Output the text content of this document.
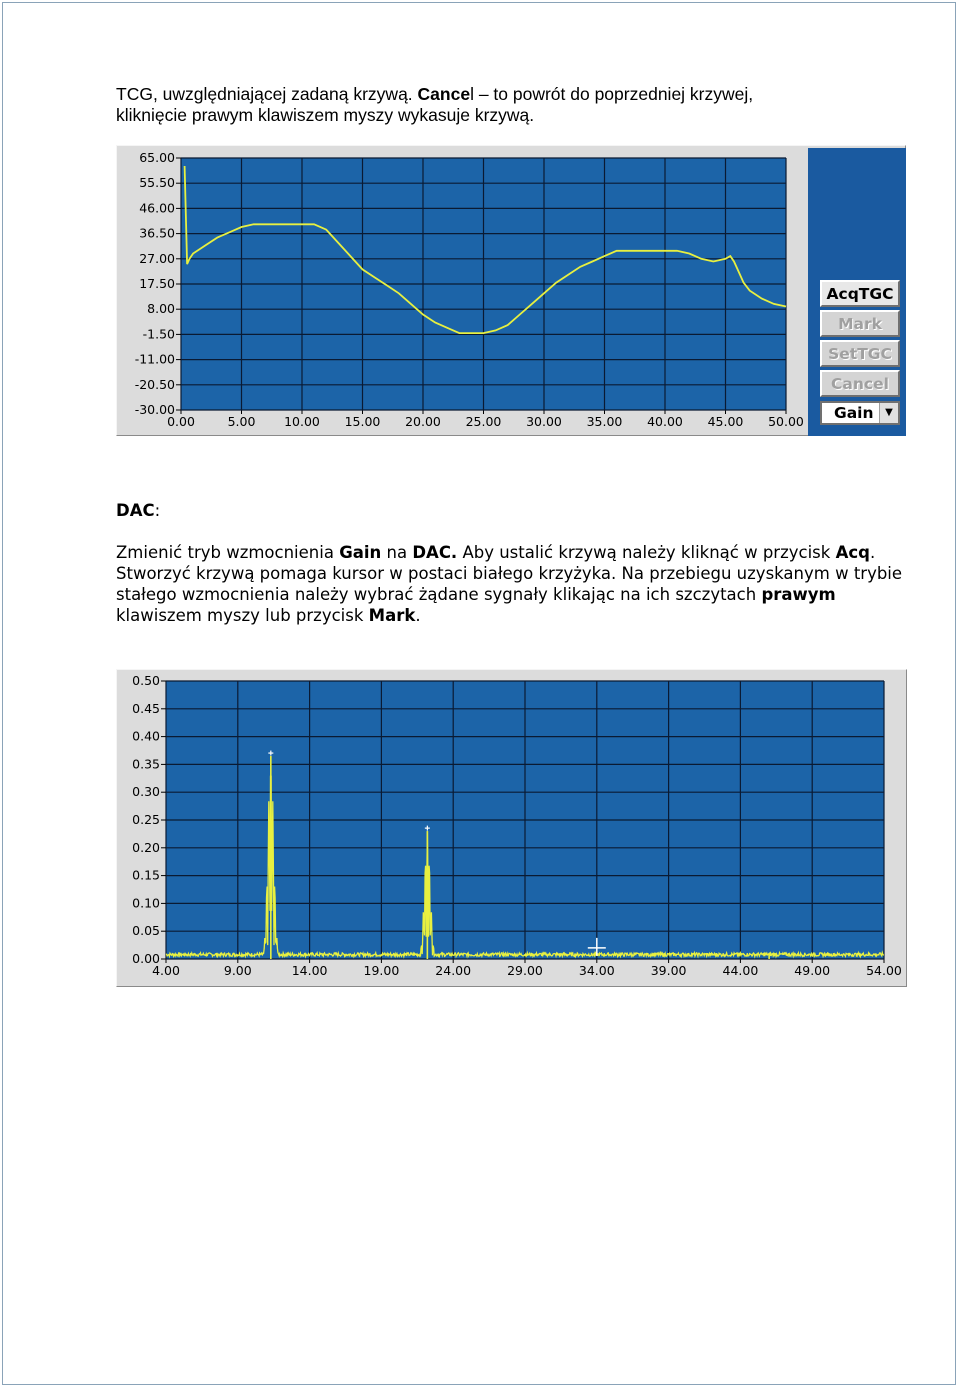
TCG, uwzględniającej zadaną krzywą. Cancel – to powrót do poprzedniej krzywej,
kliknięcie prawym klawiszem myszy wykasuje krzywą.

0.00	5.00 10.00 15.00 20.00 25.00 30.00 35.00 40.00 45.00 50.00
65.00
55.50
46.00
36.50
27.00
17.50
8.00
-1.50
-11.00
-20.50
-30.00
AcqTGC
Mark
SetTGC
Cancel
Gain	▼

DAC:

Zmienić tryb wzmocnienia Gain na DAC. Aby ustalić krzywą należy kliknąć w przycisk Acq. Stworzyć krzywą pomaga kursor w postaci białego krzyżyka. Na przebiegu uzyskanym w trybie stałego wzmocnienia należy wybrać żądane sygnały klikając na ich szczytach prawym klawiszem myszy lub przycisk Mark.

4.00	9.00	14.00	19.00	24.00	29.00	34.00	39.00	44.00	49.00	54.00
0.50
0.45
0.40
0.35
0.30
0.25
0.20
0.15
0.10
0.05
0.00
